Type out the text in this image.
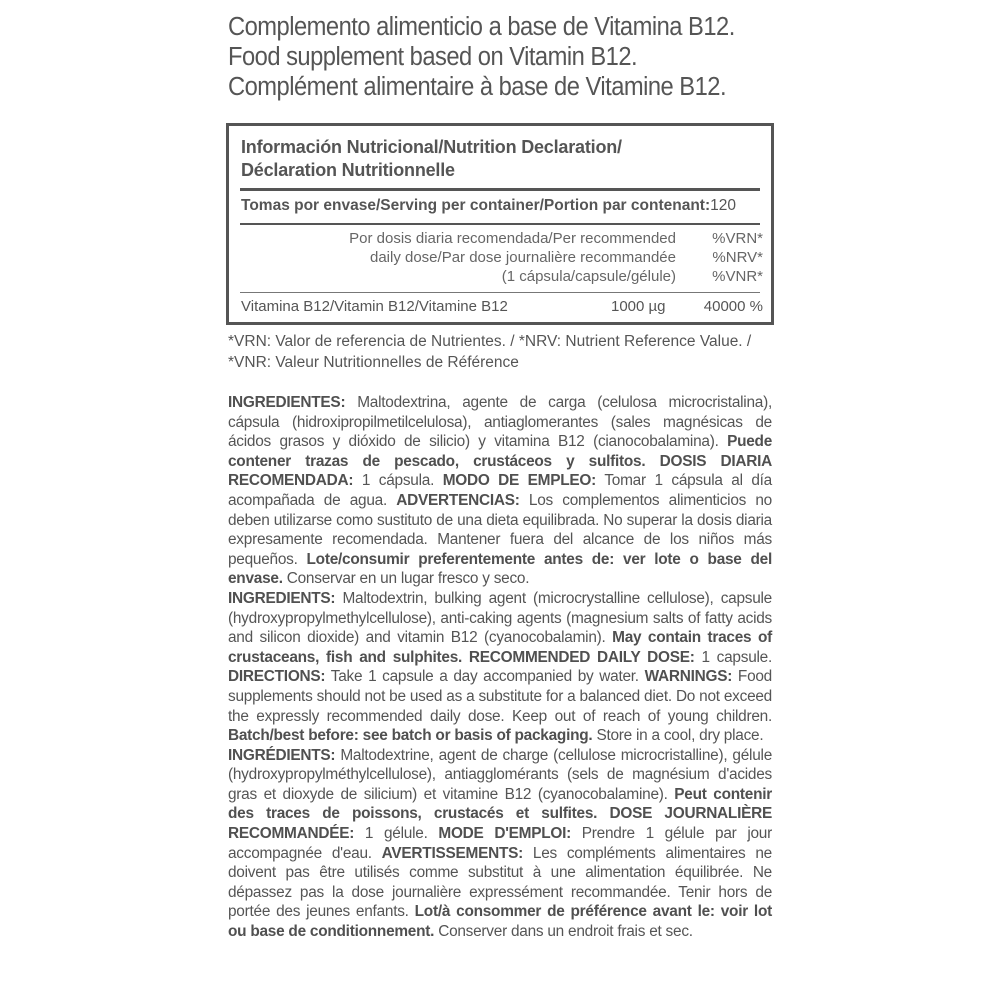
Complemento alimenticio a base de Vitamina B12.
Food supplement based on Vitamin B12.
Complément alimentaire à base de Vitamine B12.
Información Nutricional/Nutrition Declaration/
Déclaration Nutritionnelle
Tomas por envase/Serving per container/Portion par contenant:120
Por dosis diaria recomendada/Per recommended
daily dose/Par dose journalière recommandée
(1 cápsula/capsule/gélule)
%VRN*
%NRV*
%VNR*
Vitamina B12/Vitamin B12/Vitamine B12	1000 µg	40000 %
*VRN: Valor de referencia de Nutrientes. / *NRV: Nutrient Reference Value. /
*VNR: Valeur Nutritionnelles de Référence

INGREDIENTES: Maltodextrina, agente de carga (celulosa microcristalina), cápsula (hidroxipropilmetilcelulosa), antiaglomerantes (sales magnésicas de ácidos grasos y dióxido de silicio) y vitamina B12 (cianocobalamina). Puede contener trazas de pescado, crustáceos y sulfitos. DOSIS DIARIA RECOMENDADA: 1 cápsula. MODO DE EMPLEO: Tomar 1 cápsula al día acompañada de agua. ADVERTENCIAS: Los complementos alimenticios no deben utilizarse como sustituto de una dieta equilibrada. No superar la dosis diaria expresamente recomendada. Mantener fuera del alcance de los niños más pequeños. Lote/consumir preferentemente antes de: ver lote o base del envase. Conservar en un lugar fresco y seco.

INGREDIENTS: Maltodextrin, bulking agent (microcrystalline cellulose), capsule (hydroxypropylmethylcellulose), anti-caking agents (magnesium salts of fatty acids and silicon dioxide) and vitamin B12 (cyanocobalamin). May contain traces of crustaceans, fish and sulphites. RECOMMENDED DAILY DOSE: 1 capsule. DIRECTIONS: Take 1 capsule a day accompanied by water. WARNINGS: Food supplements should not be used as a substitute for a balanced diet. Do not exceed the expressly recommended daily dose. Keep out of reach of young children. Batch/best before: see batch or basis of packaging. Store in a cool, dry place.

INGRÉDIENTS: Maltodextrine, agent de charge (cellulose microcristalline), gélule (hydroxypropylméthylcellulose), antiagglomérants (sels de magnésium d'acides gras et dioxyde de silicium) et vitamine B12 (cyanocobalamine). Peut contenir des traces de poissons, crustacés et sulfites. DOSE JOURNALIÈRE RECOMMANDÉE: 1 gélule. MODE D'EMPLOI: Prendre 1 gélule par jour accompagnée d'eau. AVERTISSEMENTS: Les compléments alimentaires ne doivent pas être utilisés comme substitut à une alimentation équilibrée. Ne dépassez pas la dose journalière expressément recommandée. Tenir hors de portée des jeunes enfants. Lot/à consommer de préférence avant le: voir lot ou base de conditionnement. Conserver dans un endroit frais et sec.
